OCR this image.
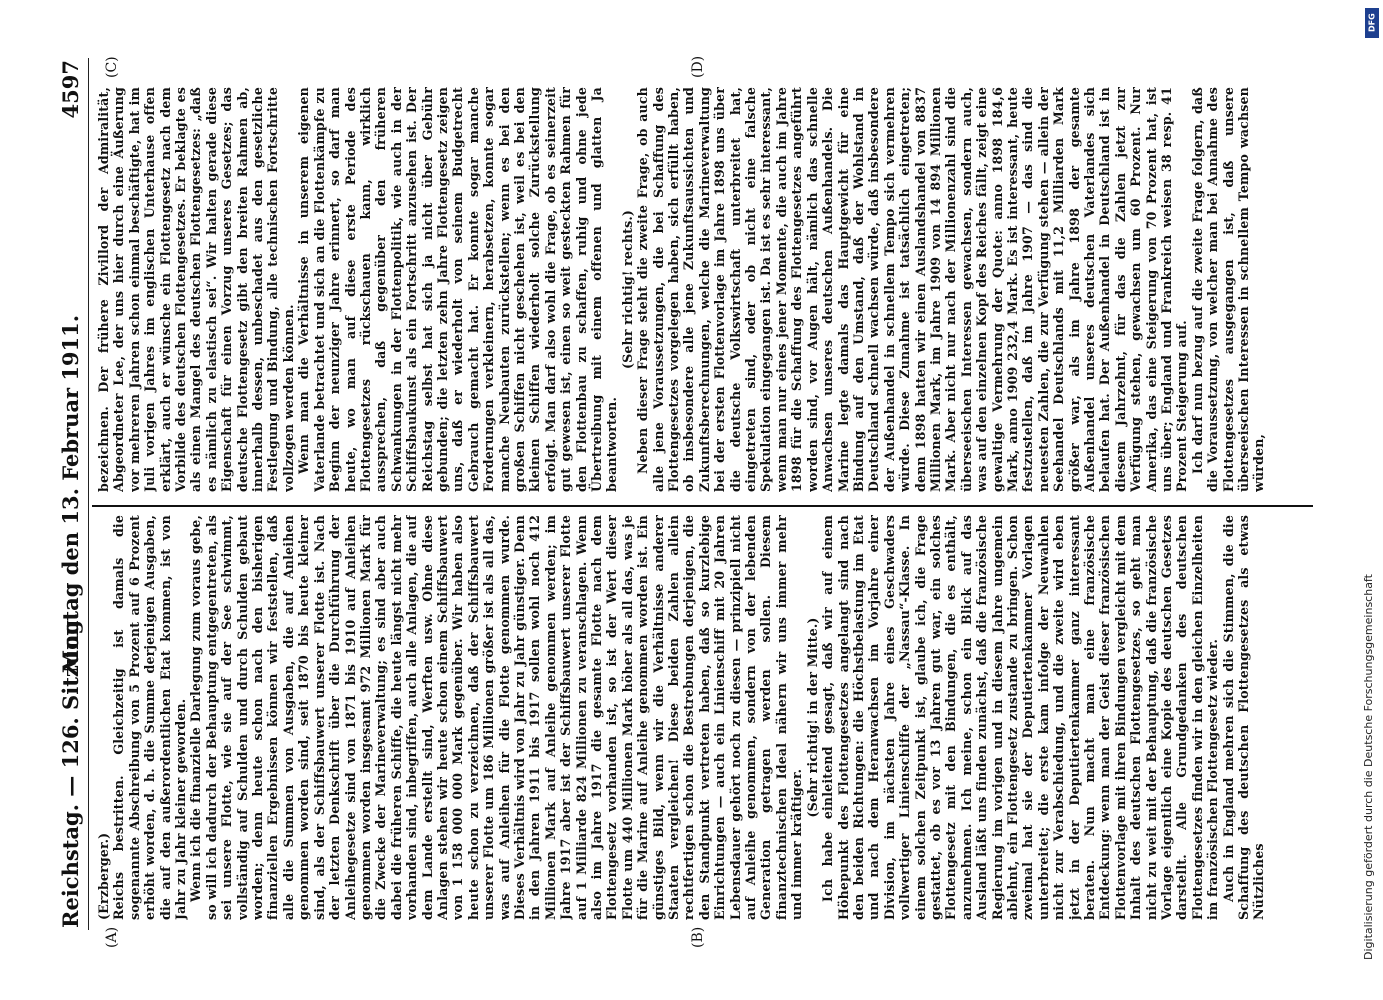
Reichstag. — 126. Sitzung.
Montag den 13. Februar 1911.
4597
(A)	(B)
(C)	(D)

(Erzberger.) Reichs bestritten. Gleichzeitig ist damals die sogenannte Abschreibung von 5 Prozent auf 6 Prozent erhöht worden, d. h. die Summe derjenigen Ausgaben, die auf den außerordentlichen Etat kommen, ist von Jahr zu Jahr kleiner geworden. Wenn ich die finanzielle Darlegung zum voraus gebe, so will ich dadurch der Behauptung entgegentreten, als sei unsere Flotte, wie sie auf der See schwimmt, vollständig auf Schulden und durch Schulden gebaut worden; denn heute schon nach den bisherigen finanziellen Ergebnissen können wir feststellen, daß alle die Summen von Ausgaben, die auf Anleihen genommen worden sind, seit 1870 bis heute kleiner sind, als der Schiffsbauwert unserer Flotte ist. Nach der letzten Denkschrift über die Durchführung der Anleihegesetze sind von 1871 bis 1910 auf Anleihen genommen worden insgesamt 972 Millionen Mark für die Zwecke der Marineverwaltung; es sind aber auch dabei die früheren Schiffe, die heute längst nicht mehr vorhanden sind, inbegriffen, auch alle Anlagen, die auf dem Lande erstellt sind, Werften usw. Ohne diese Anlagen stehen wir heute schon einem Schiffsbauwert von 1 158 000 000 Mark gegenüber. Wir haben also heute schon zu verzeichnen, daß der Schiffsbauwert unserer Flotte um 186 Millionen größer ist als all das, was auf Anleihen für die Flotte genommen wurde. Dieses Verhältnis wird von Jahr zu Jahr günstiger. Denn in den Jahren 1911 bis 1917 sollen wohl noch 412 Millionen Mark auf Anleihe genommen werden; im Jahre 1917 aber ist der Schiffsbauwert unserer Flotte auf 1 Milliarde 824 Millionen zu veranschlagen. Wenn also im Jahre 1917 die gesamte Flotte nach dem Flottengesetz vorhanden ist, so ist der Wert dieser Flotte um 440 Millionen Mark höher als all das, was je für die Marine auf Anleihe genommen worden ist. Ein günstiges Bild, wenn wir die Verhältnisse anderer Staaten vergleichen! Diese beiden Zahlen allein rechtfertigen schon die Bestrebungen derjenigen, die den Standpunkt vertreten haben, daß so kurzlebige Einrichtungen — auch ein Linienschiff mit 20 Jahren Lebensdauer gehört noch zu diesen — prinzipiell nicht auf Anleihe genommen, sondern von der lebenden Generation getragen werden sollen. Diesem finanztechnischen Ideal nähern wir uns immer mehr und immer kräftiger.

(Sehr richtig! in der Mitte.) Ich habe einleitend gesagt, daß wir auf einem Höhepunkt des Flottengesetzes angelangt sind nach den beiden Richtungen: die Höchstbelastung im Etat und nach dem Heranwachsen im Vorjahre einer Division, im nächsten Jahre eines Geschwaders vollwertiger Linienschiffe der „Nassau“-Klasse. In einem solchen Zeitpunkt ist, glaube ich, die Frage gestattet, ob es vor 13 Jahren gut war, ein solches Flottengesetz mit den Bindungen, die es enthält, anzunehmen. Ich meine, schon ein Blick auf das Ausland läßt uns finden zunächst, daß die französische Regierung im vorigen und in diesem Jahre ungemein ablehnt, ein Flottengesetz zustande zu bringen. Schon zweimal hat sie der Deputiertenkammer Vorlagen unterbreitet; die erste kam infolge der Neuwahlen nicht zur Verabschiedung, und die zweite wird eben jetzt in der Deputiertenkammer ganz interessant beraten. Nun macht man eine französische Entdeckung: wenn man der Geist dieser französischen Flottenvorlage mit ihren Bindungen vergleicht mit dem Inhalt des deutschen Flottengesetzes, so geht man nicht zu weit mit der Behauptung, daß die französische Vorlage eigentlich eine Kopie des deutschen Gesetzes darstellt. Alle Grundgedanken des deutschen Flottengesetzes finden wir in den gleichen Einzelheiten im französischen Flottengesetz wieder. Auch in England mehren sich die Stimmen, die die Schaffung des deutschen Flottengesetzes als etwas Nützliches

bezeichnen. Der frühere Zivillord der Admiralität, Abgeordneter Lee, der uns hier durch eine Äußerung vor mehreren Jahren schon einmal beschäftigte, hat im Juli vorigen Jahres im englischen Unterhause offen erklärt, auch er wünsche ein Flottengesetz nach dem Vorbilde des deutschen Flottengesetzes. Er beklagte es als einen Mangel des deutschen Flottengesetzes: „daß es nämlich zu elastisch sei“. Wir halten gerade diese Eigenschaft für einen Vorzug unseres Gesetzes; das deutsche Flottengesetz gibt den breiten Rahmen ab, innerhalb dessen, unbeschadet aus den gesetzliche Festlegung und Bindung, alle technischen Fortschritte vollzogen werden können. Wenn man die Verhältnisse in unserem eigenen Vaterlande betrachtet und sich an die Flottenkämpfe zu Beginn der neunziger Jahre erinnert, so darf man heute, wo man auf diese erste Periode des Flottengesetzes rückschauen kann, wirklich aussprechen, daß gegenüber den früheren Schwankungen in der Flottenpolitik, wie auch in der Schiffsbaukunst als ein Fortschritt anzusehen ist. Der Reichstag selbst hat sich ja nicht über Gebühr gebunden; die letzten zehn Jahre Flottengesetz zeigen uns, daß er wiederholt von seinem Budgetrecht Gebrauch gemacht hat. Er konnte sogar manche Forderungen verkleinern, herabsetzen, konnte sogar manche Neubauten zurückstellen; wenn es bei den großen Schiffen nicht geschehen ist, weil es bei den kleinen Schiffen wiederholt solche Zurückstellung erfolgt. Man darf also wohl die Frage, ob es seinerzeit gut gewesen ist, einen so weit gesteckten Rahmen für den Flottenbau zu schaffen, ruhig und ohne jede Übertreibung mit einem offenen und glatten Ja beantworten.

(Sehr richtig! rechts.) Neben dieser Frage steht die zweite Frage, ob auch alle jene Voraussetzungen, die bei Schaffung des Flottengesetzes vorgelegen haben, sich erfüllt haben, ob insbesondere alle jene Zukunftsaussichten und Zukunftsberechnungen, welche die Marineverwaltung bei der ersten Flottenvorlage im Jahre 1898 uns über die deutsche Volkswirtschaft unterbreitet hat, eingetreten sind, oder ob nicht eine falsche Spekulation eingegangen ist. Da ist es sehr interessant, wenn man nur eines jener Momente, die auch im Jahre 1898 für die Schaffung des Flottengesetzes angeführt worden sind, vor Augen hält, nämlich das schnelle Anwachsen unseres deutschen Außenhandels. Die Marine legte damals das Hauptgewicht für eine Bindung auf den Umstand, daß der Wohlstand in Deutschland schnell wachsen würde, daß insbesondere der Außenhandel in schnellem Tempo sich vermehren würde. Diese Zunahme ist tatsächlich eingetreten; denn 1898 hatten wir einen Auslandshandel von 8837 Millionen Mark, im Jahre 1909 von 14 894 Millionen Mark. Aber nicht nur nach der Millionenzahl sind die überseeischen Interessen gewachsen, sondern auch, was auf den einzelnen Kopf des Reiches fällt, zeigt eine gewaltige Vermehrung der Quote: anno 1898 184,6 Mark, anno 1909 232,4 Mark. Es ist interessant, heute festzustellen, daß im Jahre 1907 — das sind die neuesten Zahlen, die zur Verfügung stehen — allein der Seehandel Deutschlands mit 11,2 Milliarden Mark größer war, als im Jahre 1898 der gesamte Außenhandel unseres deutschen Vaterlandes sich belaufen hat. Der Außenhandel in Deutschland ist in diesem Jahrzehnt, für das die Zahlen jetzt zur Verfügung stehen, gewachsen um 60 Prozent. Nur Amerika, das eine Steigerung von 70 Prozent hat, ist uns über; England und Frankreich weisen 38 resp. 41 Prozent Steigerung auf. Ich darf nun bezug auf die zweite Frage folgern, daß die Voraussetzung, von welcher man bei Annahme des Flottengesetzes ausgegangen ist, daß unsere überseeischen Interessen in schnellem Tempo wachsen würden,

Digitalisierung gefördert durch die Deutsche Forschungsgemeinschaft
DFG
